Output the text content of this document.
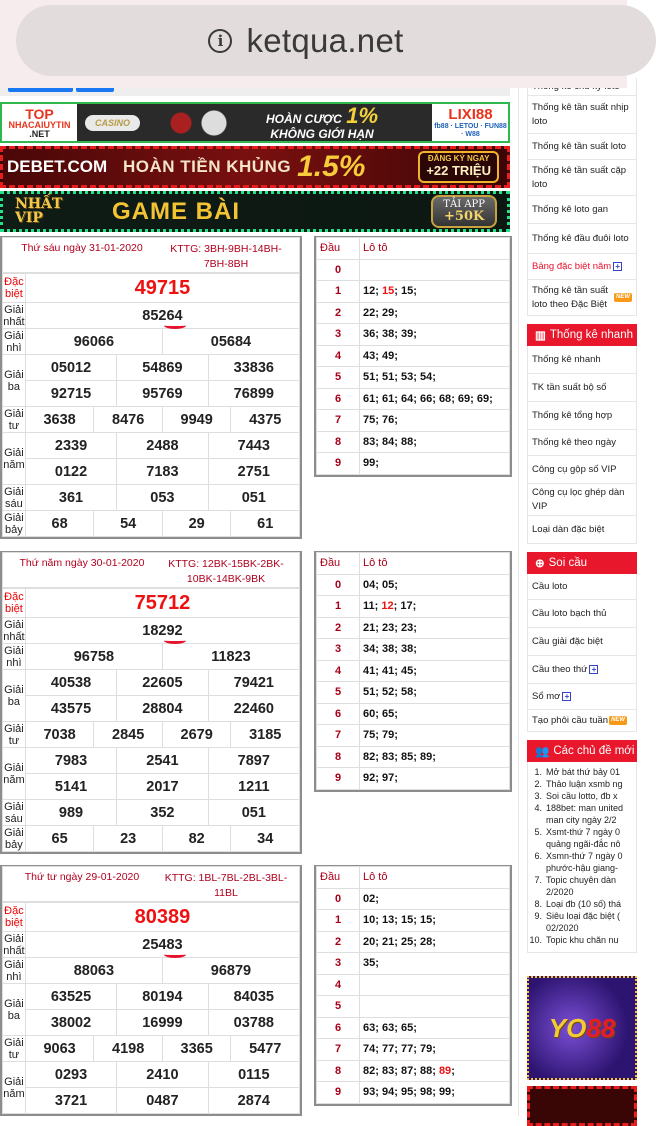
i ketqua.net
TOP
NHACAIUYTIN
.NET
CASINO	HOÀN CƯỢC 1%
KHÔNG GIỚI HẠN
LIXI88
fb88 · LETOU · FUN88 · W88
DEBET.COM HOÀN TIỀN KHỦNG 1.5%	ĐĂNG KÝ NGAY
+22 TRIỆU
NHẤT
VIP	GAME BÀI	TẢI APP
+50K
Thứ sáu ngày 31-01-2020 KTTG: 3BH-9BH-14BH-
7BH-8BH												

Đặc biệt	49715											
Giải nhất	85264											
Giải nhì	96066						05684					
Giải ba	05012				54869				33836			
	92715				95769				76899			
Giải tư	3638			8476			9949			4375		
Giải năm	2339				2488				7443			
	0122				7183				2751			
Giải sáu	361				053				051			
Giải bảy	68			54			29			61		
Đầu	Lô tô
0	
1	12; 15; 15;
2	22; 29;
3	36; 38; 39;
4	43; 49;
5	51; 51; 53; 54;
6	61; 61; 64; 66; 68; 69; 69;
7	75; 76;
8	83; 84; 88;
9	99;
Thứ năm ngày 30-01-2020 KTTG: 12BK-15BK-2BK-
10BK-14BK-9BK												

Đặc biệt	75712											
Giải nhất	18292											
Giải nhì	96758						11823					
Giải ba	40538				22605				79421			
	43575				28804				22460			
Giải tư	7038			2845			2679			3185		
Giải năm	7983				2541				7897			
	5141				2017				1211			
Giải sáu	989				352				051			
Giải bảy	65			23			82			34		
Đầu	Lô tô
0	04; 05;
1	11; 12; 17;
2	21; 23; 23;
3	34; 38; 38;
4	41; 41; 45;
5	51; 52; 58;
6	60; 65;
7	75; 79;
8	82; 83; 85; 89;
9	92; 97;
Thứ tư ngày 29-01-2020 KTTG: 1BL-7BL-2BL-3BL-
11BL												

Đặc biệt	80389											
Giải nhất	25483											
Giải nhì	88063						96879					
Giải ba	63525				80194				84035			
	38002				16999				03788			
Giải tư	9063			4198			3365			5477		
Giải năm	0293				2410				0115			
	3721				0487				2874			
Đầu	Lô tô
0	02;
1	10; 13; 15; 15;
2	20; 21; 25; 28;
3	35;
4	
5	
6	63; 63; 65;
7	74; 77; 77; 79;
8	82; 83; 87; 88; 89;
9	93; 94; 95; 98; 99;
Thống kê tần suất nhịp loto
Thống kê tần suất loto
Thống kê tần suất cặp loto
Thống kê loto gan
Thống kê đầu đuôi loto
Bảng đặc biệt năm +
Thống kê tần suất loto theo Đặc Biệt
NEW
▥ Thống kê nhanh
Thống kê nhanh
TK tần suất bộ số
Thống kê tổng hợp
Thống kê theo ngày
Công cụ gộp số VIP
Công cụ lọc ghép dàn VIP
Loại dàn đặc biệt
⊕ Soi cầu
Cầu loto
Cầu loto bạch thủ
Cầu giải đặc biệt
Cầu theo thứ +
Sổ mơ +
Tạo phôi cầu tuần NEW
👥 Các chủ đề mới
1. Mở bát thứ bảy 01
2. Thảo luận xsmb ng
3. Soi cầu lotto, đb x
4. 188bet: man united man city ngày 2/2
5. Xsmt-thứ 7 ngày 0 quảng ngãi-đắc nô
6. Xsmn-thứ 7 ngày 0 phước-hậu giang-
7. Topic chuyên dàn 2/2020
8. Loại đb (10 số) thá
9. Siêu loại đặc biệt ( 02/2020
10. Topic khu chăn nu
YO88
